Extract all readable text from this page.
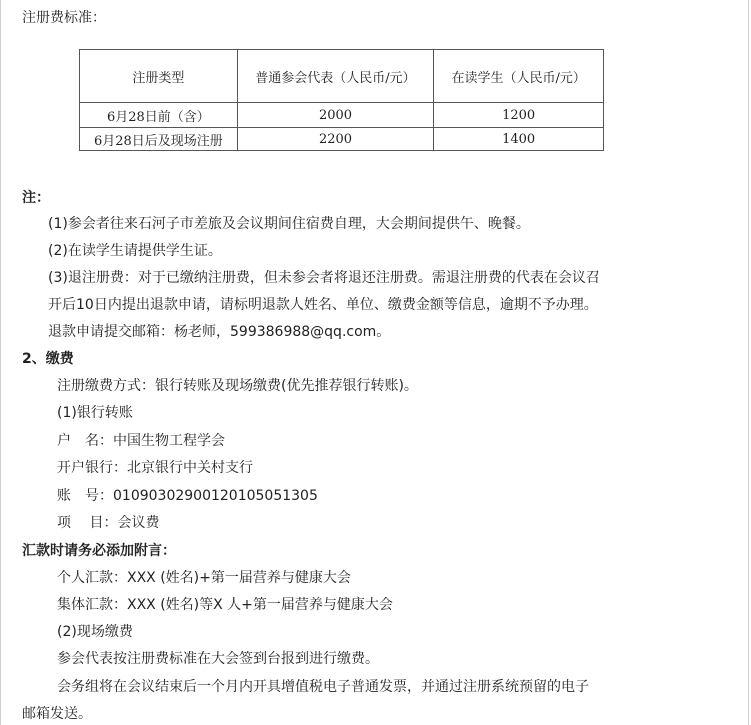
注册费标准：
注册类型	普通参会代表（人民币/元）	在读学生（人民币/元）
6月28日前（含）	2000	1200
6月28日后及现场注册	2200	1400
注：
(1)参会者往来石河子市差旅及会议期间住宿费自理，大会期间提供午、晚餐。
(2)在读学生请提供学生证。
(3)退注册费：对于已缴纳注册费，但未参会者将退还注册费。需退注册费的代表在会议召
开后10日内提出退款申请，请标明退款人姓名、单位、缴费金额等信息，逾期不予办理。
退款申请提交邮箱：杨老师，599386988@qq.com。
2、缴费
注册缴费方式：银行转账及现场缴费(优先推荐银行转账)。
(1)银行转账
户　名：中国生物工程学会
开户银行：北京银行中关村支行
账　号：01090302900120105051305
项　 目：会议费
汇款时请务必添加附言：
个人汇款：XXX (姓名)+第一届营养与健康大会
集体汇款：XXX (姓名)等X 人+第一届营养与健康大会
(2)现场缴费
参会代表按注册费标准在大会签到台报到进行缴费。
会务组将在会议结束后一个月内开具增值税电子普通发票，并通过注册系统预留的电子
邮箱发送。
